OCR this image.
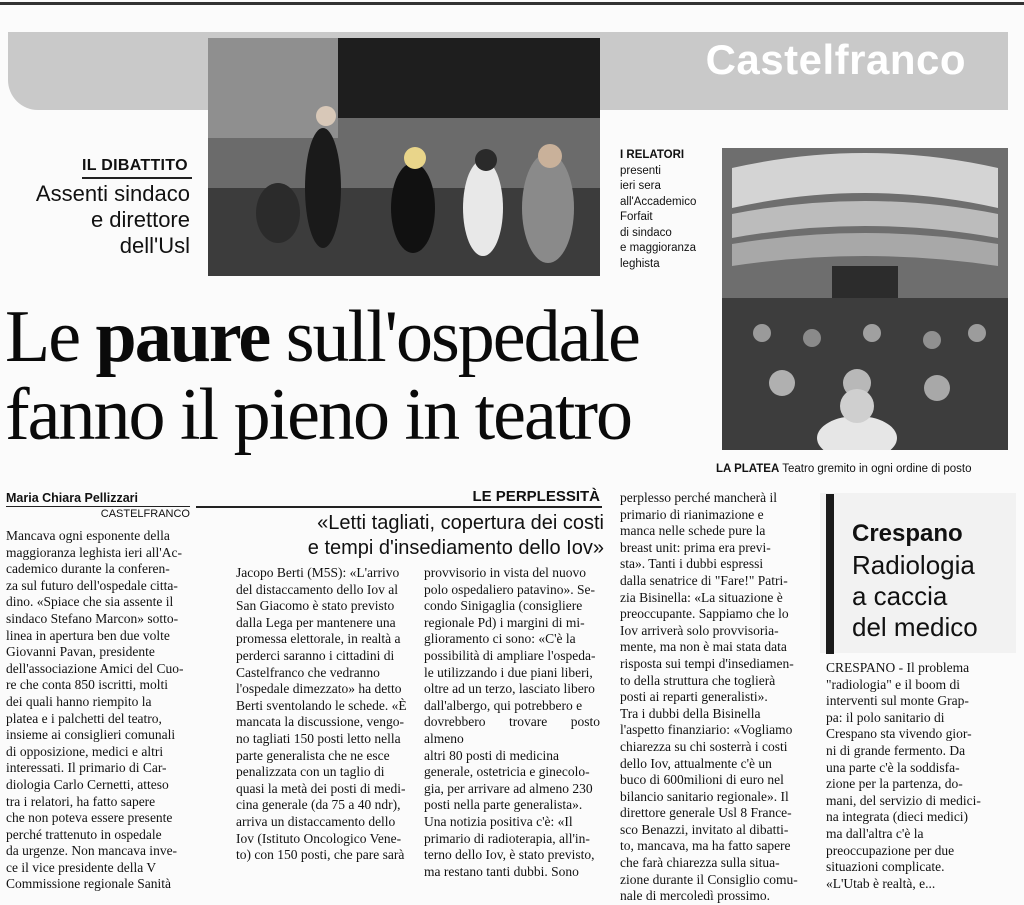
Castelfranco
IL DIBATTITO
Assenti sindaco
e direttore
dell'Usl
I RELATORI
presenti
ieri sera
all'Accademico
Forfait
di sindaco
e maggioranza
leghista
LA PLATEA Teatro gremito in ogni ordine di posto
Le paure sull'ospedale
fanno il pieno in teatro
Maria Chiara Pellizzari
CASTELFRANCO
LE PERPLESSITÀ
«Letti tagliati, copertura dei costi
e tempi d'insediamento dello Iov»
Mancava ogni esponente della
maggioranza leghista ieri all'Ac-
cademico durante la conferen-
za sul futuro dell'ospedale citta-
dino. «Spiace che sia assente il
sindaco Stefano Marcon» sotto-
linea in apertura ben due volte
Giovanni Pavan, presidente
dell'associazione Amici del Cuo-
re che conta 850 iscritti, molti
dei quali hanno riempito la
platea e i palchetti del teatro,
insieme ai consiglieri comunali
di opposizione, medici e altri
interessati. Il primario di Car-
diologia Carlo Cernetti, atteso
tra i relatori, ha fatto sapere
che non poteva essere presente
perché trattenuto in ospedale
da urgenze. Non mancava inve-
ce il vice presidente della V
Commissione regionale Sanità
Jacopo Berti (M5S): «L'arrivo
del distaccamento dello Iov al
San Giacomo è stato previsto
dalla Lega per mantenere una
promessa elettorale, in realtà a
perderci saranno i cittadini di
Castelfranco che vedranno
l'ospedale dimezzato» ha detto
Berti sventolando le schede. «È
mancata la discussione, vengo-
no tagliati 150 posti letto nella
parte generalista che ne esce
penalizzata con un taglio di
quasi la metà dei posti di medi-
cina generale (da 75 a 40 ndr),
arriva un distaccamento dello
Iov (Istituto Oncologico Vene-
to) con 150 posti, che pare sarà
provvisorio in vista del nuovo
polo ospedaliero patavino». Se-
condo Sinigaglia (consigliere
regionale Pd) i margini di mi-
glioramento ci sono: «C'è la
possibilità di ampliare l'ospeda-
le utilizzando i due piani liberi,
oltre ad un terzo, lasciato libero
dall'albergo, qui potrebbero e
dovrebbero trovare posto almeno
altri 80 posti di medicina
generale, ostetricia e ginecolo-
gia, per arrivare ad almeno 230
posti nella parte generalista».
Una notizia positiva c'è: «Il
primario di radioterapia, all'in-
terno dello Iov, è stato previsto,
ma restano tanti dubbi. Sono
perplesso perché mancherà il
primario di rianimazione e
manca nelle schede pure la
breast unit: prima era previ-
sta». Tanti i dubbi espressi
dalla senatrice di "Fare!" Patri-
zia Bisinella: «La situazione è
preoccupante. Sappiamo che lo
Iov arriverà solo provvisoria-
mente, ma non è mai stata data
risposta sui tempi d'insediamen-
to della struttura che toglierà
posti ai reparti generalisti».
Tra i dubbi della Bisinella
l'aspetto finanziario: «Vogliamo
chiarezza su chi sosterrà i costi
dello Iov, attualmente c'è un
buco di 600milioni di euro nel
bilancio sanitario regionale». Il
direttore generale Usl 8 France-
sco Benazzi, invitato al dibatti-
to, mancava, ma ha fatto sapere
che farà chiarezza sulla situa-
zione durante il Consiglio comu-
nale di mercoledì prossimo.
Crespano
Radiologia
a caccia
del medico
CRESPANO - Il problema
"radiologia" e il boom di
interventi sul monte Grap-
pa: il polo sanitario di
Crespano sta vivendo gior-
ni di grande fermento. Da
una parte c'è la soddisfa-
zione per la partenza, do-
mani, del servizio di medici-
na integrata (dieci medici)
ma dall'altra c'è la
preoccupazione per due
situazioni complicate.
«L'Utab è realtà, e...
